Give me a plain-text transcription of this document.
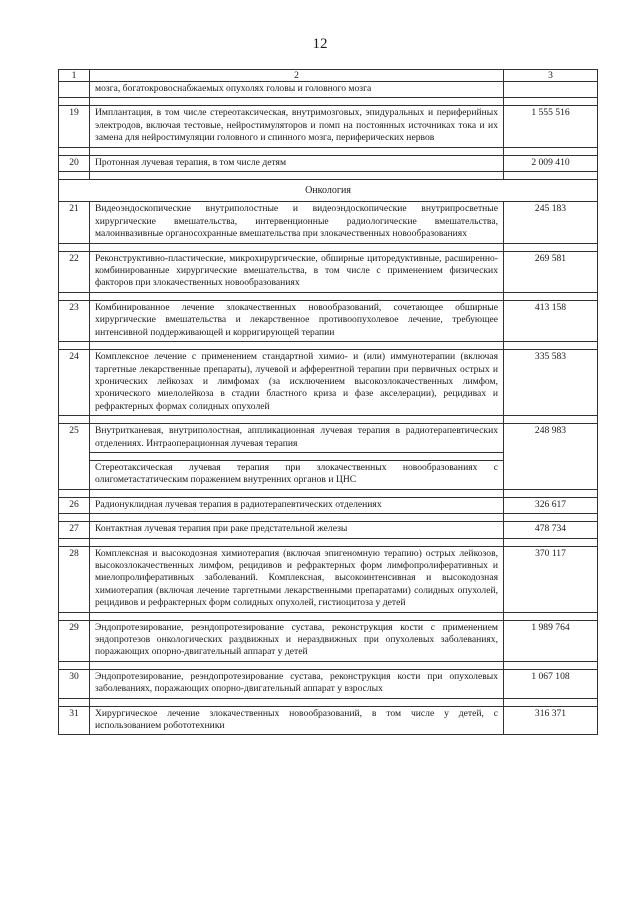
12
1	2	3
	мозга, богатокровоснабжаемых опухолях головы и головного мозга	

19	Имплантация, в том числе стереотаксическая, внутримозговых, эпидуральных и периферийных электродов, включая тестовые, нейростимуляторов и помп на постоянных источниках тока и их замена для нейростимуляции головного и спинного мозга, периферических нервов	1 555 516

20	Протонная лучевая терапия, в том числе детям	2 009 410

Онкология		
21	Видеоэндоскопические внутриполостные и видеоэндоскопические внутрипросветные хирургические вмешательства, интервенционные радиологические вмешательства, малоинвазивные органосохранные вмешательства при злокачественных новообразованиях	245 183

22	Реконструктивно-пластические, микрохирургические, обширные циторедуктивные, расширенно-комбинированные хирургические вмешательства, в том числе с применением физических факторов при злокачественных новообразованиях	269 581

23	Комбинированное лечение злокачественных новообразований, сочетающее обширные хирургические вмешательства и лекарственное противоопухолевое лечение, требующее интенсивной поддерживающей и корригирующей терапии	413 158

24	Комплексное лечение с применением стандартной химио- и (или) иммунотерапии (включая таргетные лекарственные препараты), лучевой и афферентной терапии при первичных острых и хронических лейкозах и лимфомах (за исключением высокозлокачественных лимфом, хронического миелолейкоза в стадии бластного криза и фазе акселерации), рецидивах и рефрактерных формах солидных опухолей	335 583

25	Внутритканевая, внутриполостная, аппликационная лучевая терапия в радиотерапевтических отделениях. Интраоперационная лучевая терапия	248 983

	Стереотаксическая лучевая терапия при злокачественных новообразованиях с олигометастатическим поражением внутренних органов и ЦНС	

26	Радионуклидная лучевая терапия в радиотерапевтических отделениях	326 617

27	Контактная лучевая терапия при раке предстательной железы	478 734

28	Комплексная и высокодозная химиотерапия (включая эпигеномную терапию) острых лейкозов, высокозлокачественных лимфом, рецидивов и рефрактерных форм лимфопролиферативных и миелопролиферативных заболеваний. Комплексная, высокоинтенсивная и высокодозная химиотерапия (включая лечение таргетными лекарственными препаратами) солидных опухолей, рецидивов и рефрактерных форм солидных опухолей, гистиоцитоза у детей	370 117

29	Эндопротезирование, реэндопротезирование сустава, реконструкция кости с применением эндопротезов онкологических раздвижных и нераздвижных при опухолевых заболеваниях, поражающих опорно-двигательный аппарат у детей	1 989 764

30	Эндопротезирование, реэндопротезирование сустава, реконструкция кости при опухолевых заболеваниях, поражающих опорно-двигательный аппарат у взрослых	1 067 108

31	Хирургическое лечение злокачественных новообразований, в том числе у детей, с использованием робототехники	316 371
